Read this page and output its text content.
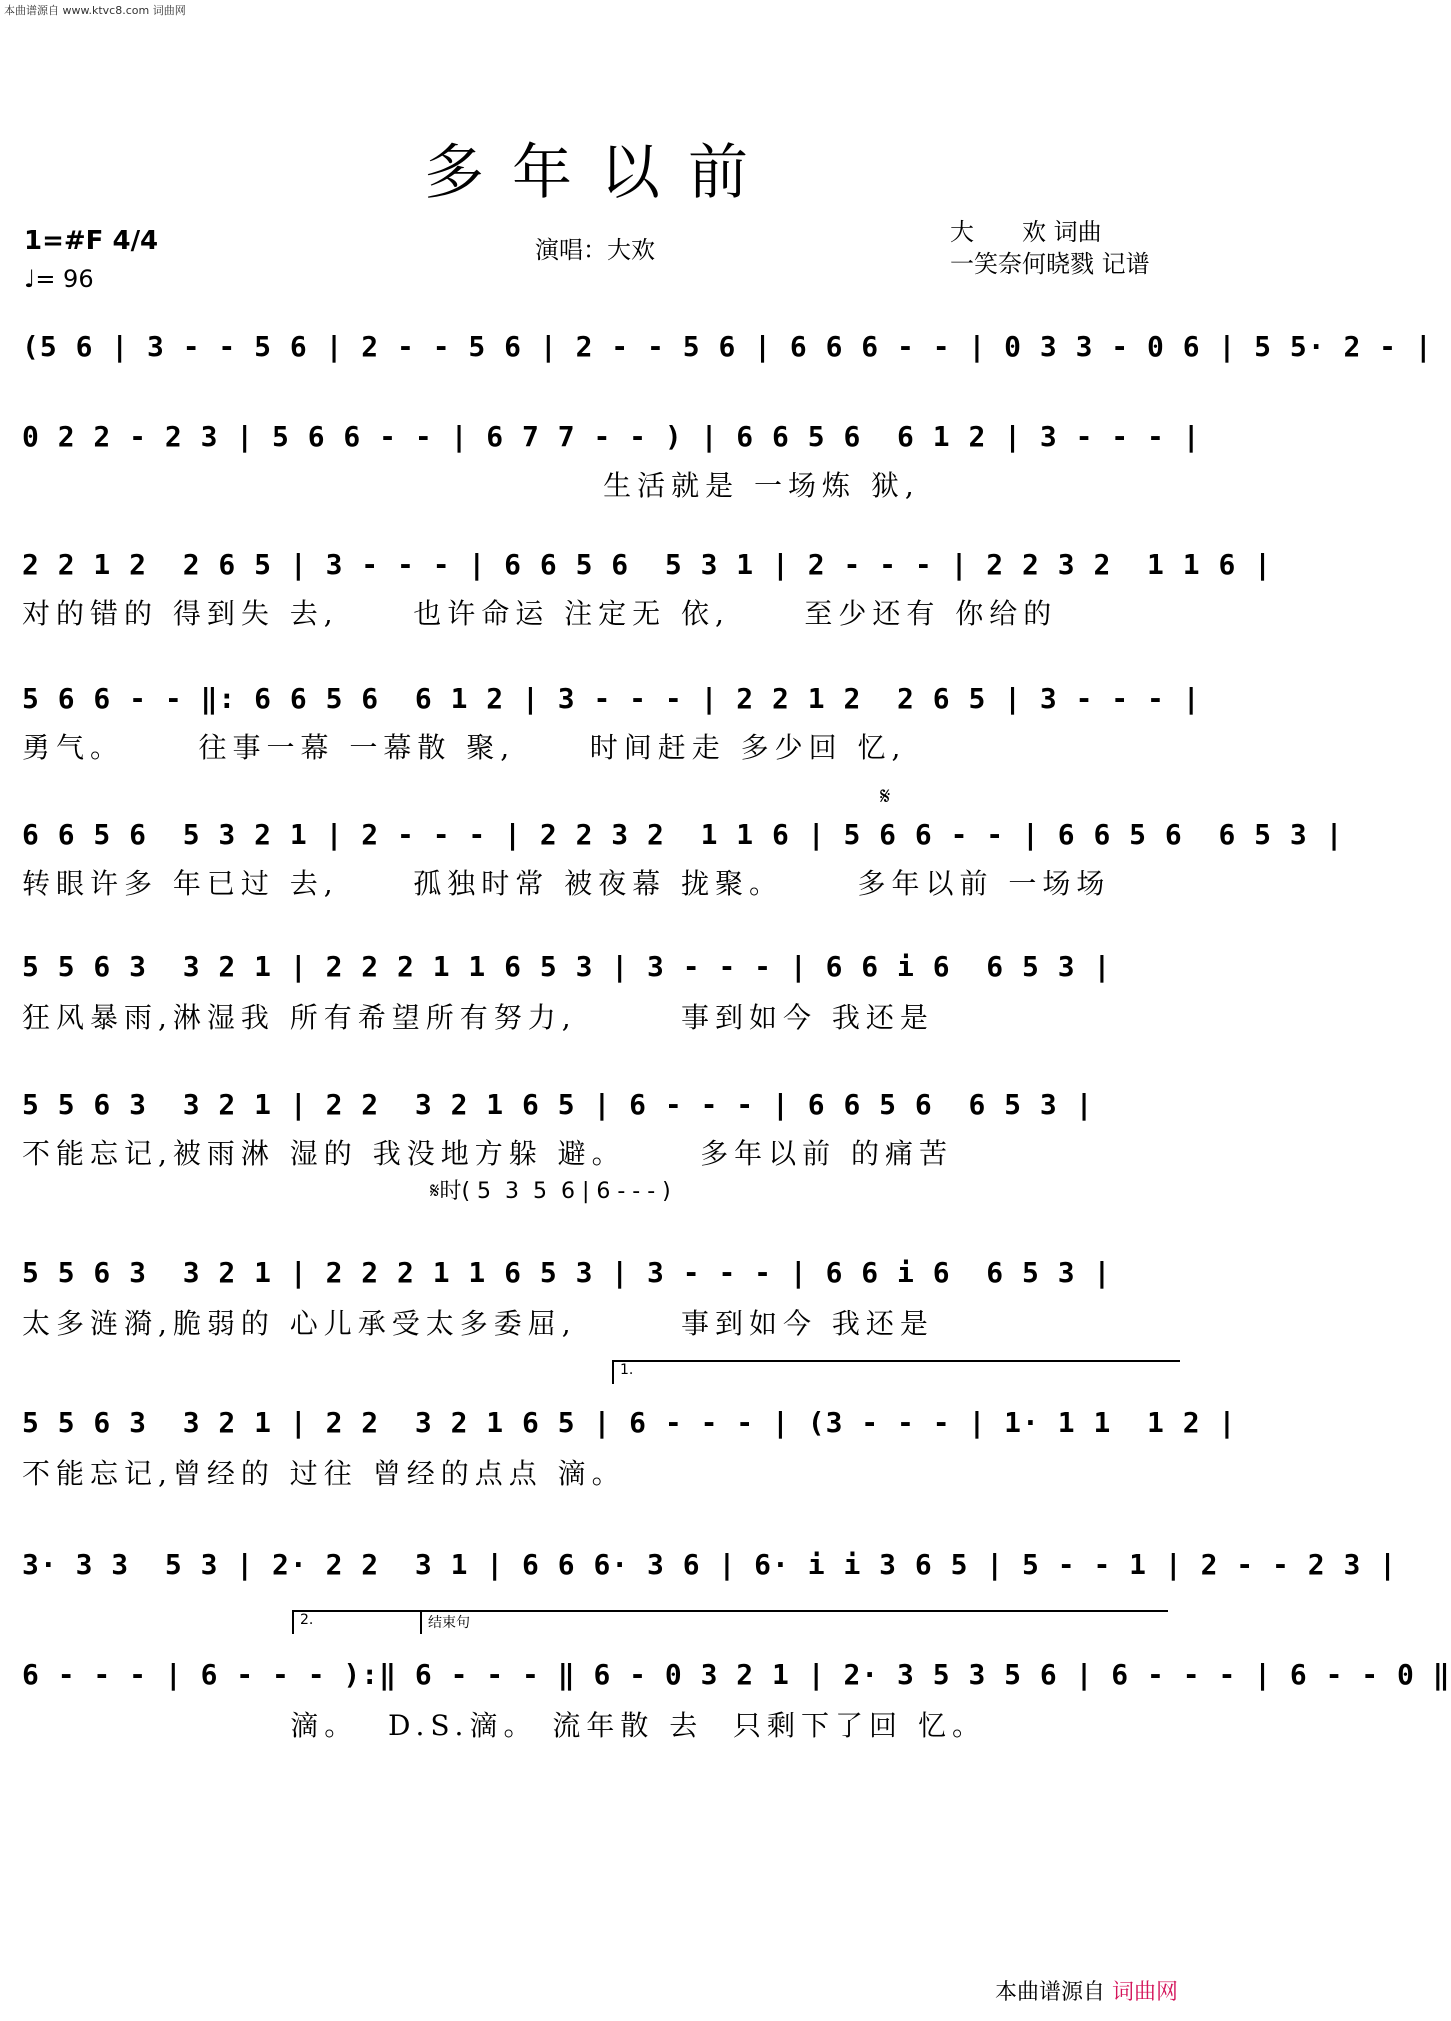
本曲谱源自 www.ktvc8.com 词曲网
多年以前
1=#F 4/4
♩= 96
演唱：大欢
大　　欢 词曲
一笑奈何晓戮 记谱
(5 6 | 3 - - 5 6 | 2 - - 5 6 | 2 - - 5 6 | 6 6 6 - - | 0 3 3 - 0 6 | 5 5· 2 - |
0 2 2 - 2 3 | 5 6 6 - - | 6 7 7 - - ) | 6 6 5 6  6 1 2 | 3 - - - |
生活就是 一场炼 狱,
2 2 1 2  2 6 5 | 3 - - - | 6 6 5 6  5 3 1 | 2 - - - | 2 2 3 2  1 1 6 |
对的错的 得到失 去,     也许命运 注定无 依,     至少还有 你给的
5 6 6 - - ‖: 6 6 5 6  6 1 2 | 3 - - - | 2 2 1 2  2 6 5 | 3 - - - |
勇气。     往事一幕 一幕散 聚,     时间赶走 多少回 忆,
𝄋
6 6 5 6  5 3 2 1 | 2 - - - | 2 2 3 2  1 1 6 | 5 6 6 - - | 6 6 5 6  6 5 3 |
转眼许多 年已过 去,     孤独时常 被夜幕 拢聚。     多年以前 一场场
5 5 6 3  3 2 1 | 2 2 2 1 1 6 5 3 | 3 - - - | 6 6 i 6  6 5 3 |
狂风暴雨,淋湿我 所有希望所有努力,       事到如今 我还是
5 5 6 3  3 2 1 | 2 2  3 2 1 6 5 | 6 - - - | 6 6 5 6  6 5 3 |
不能忘记,被雨淋 湿的 我没地方躲 避。     多年以前 的痛苦
𝄋时( 5  3  5  6 | 6 - - - )
5 5 6 3  3 2 1 | 2 2 2 1 1 6 5 3 | 3 - - - | 6 6 i 6  6 5 3 |
太多涟漪,脆弱的 心儿承受太多委屈,       事到如今 我还是
1.
5 5 6 3  3 2 1 | 2 2  3 2 1 6 5 | 6 - - - | (3 - - - | 1· 1 1  1 2 |
不能忘记,曾经的 过往 曾经的点点 滴。
3· 3 3  5 3 | 2· 2 2  3 1 | 6 6 6· 3 6 | 6· i i 3 6 5 | 5 - - 1 | 2 - - 2 3 |
2.	结束句
6 - - - | 6 - - - ):‖ 6 - - - ‖ 6 - 0 3 2 1 | 2· 3 5 3 5 6 | 6 - - - | 6 - - 0 ‖
滴。  D.S.滴。 流年散 去  只剩下了回 忆。
本曲谱源自 词曲网
